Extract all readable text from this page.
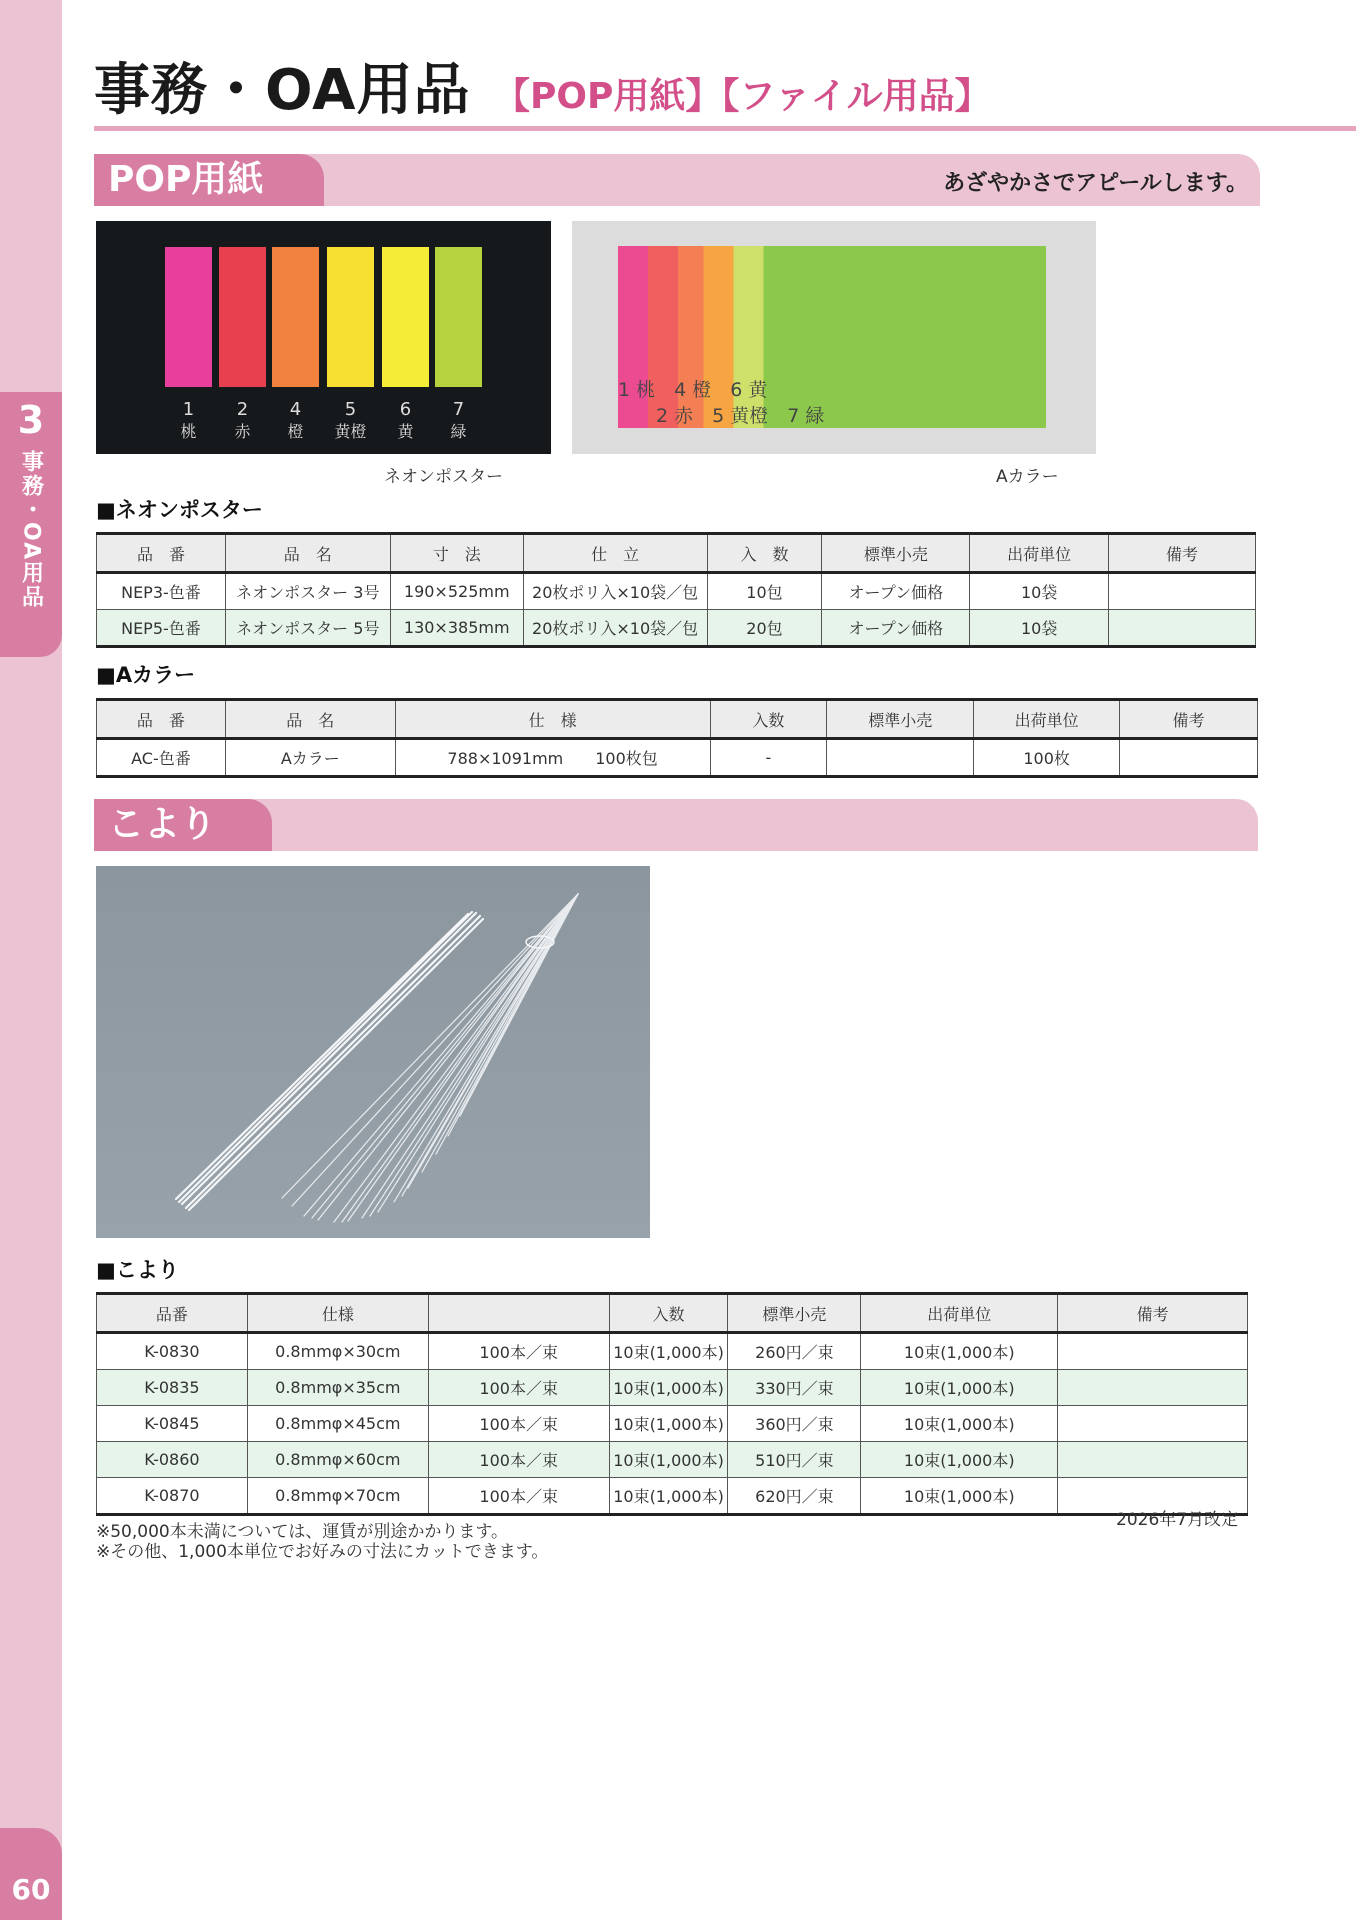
3
事務・OA用品
60
事務・OA用品 【POP用紙】【ファイル用品】
POP用紙	あざやかさでアピールします。
1
桃
2
赤
4
橙
5
黄橙
6
黄
7
緑
ネオンポスター
1 桃　4 橙　6 黄
2 赤　5 黄橙　7 緑
Aカラー
■ネオンポスター
品　番	品　名	寸　法	仕　立	入　数	標準小売	出荷単位	備考
NEP3-色番	ネオンポスター 3号	190×525mm	20枚ポリ入×10袋／包	10包	オープン価格	10袋	
NEP5-色番	ネオンポスター 5号	130×385mm	20枚ポリ入×10袋／包	20包	オープン価格	10袋	
■Aカラー
品　番	品　名	仕　様	入数	標準小売	出荷単位	備考
AC-色番	Aカラー	788×1091mm　　100枚包	-		100枚	
こより
■こより
品番	仕様		入数	標準小売	出荷単位	備考
K-0830	0.8mmφ×30cm	100本／束	10束(1,000本)	260円／束	10束(1,000本)	
K-0835	0.8mmφ×35cm	100本／束	10束(1,000本)	330円／束	10束(1,000本)	
K-0845	0.8mmφ×45cm	100本／束	10束(1,000本)	360円／束	10束(1,000本)	
K-0860	0.8mmφ×60cm	100本／束	10束(1,000本)	510円／束	10束(1,000本)	
K-0870	0.8mmφ×70cm	100本／束	10束(1,000本)	620円／束	10束(1,000本)	
2026年7月改定
※50,000本未満については、運賃が別途かかります。
※その他、1,000本単位でお好みの寸法にカットできます。
